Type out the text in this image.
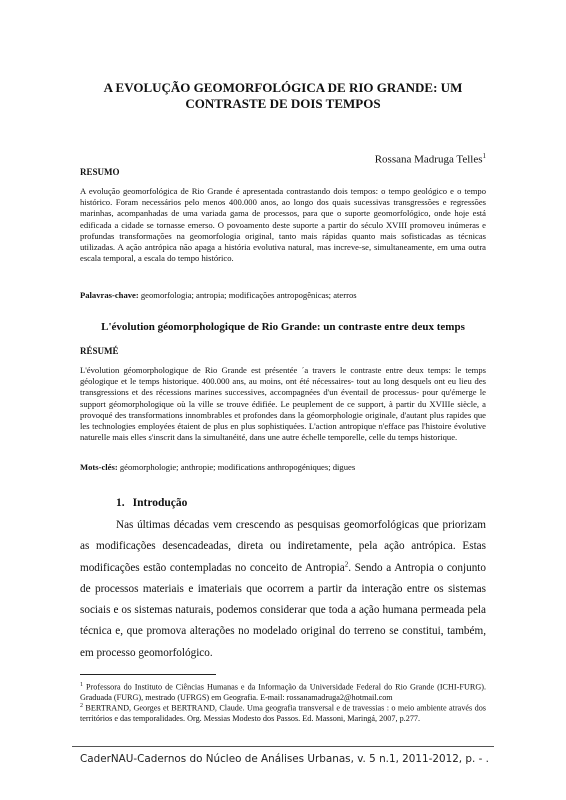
A EVOLUÇÃO GEOMORFOLÓGICA DE RIO GRANDE: UM
CONTRASTE DE DOIS TEMPOS
Rossana Madruga Telles$^1$
RESUMO

A evolução geomorfológica de Rio Grande é apresentada contrastando dois tempos: o tempo geológico e o tempo histórico. Foram necessários pelo menos 400.000 anos, ao longo dos quais sucessivas transgressões e regressões marinhas, acompanhadas de uma variada gama de processos, para que o suporte geomorfológico, onde hoje está edificada a cidade se tornasse emerso. O povoamento deste suporte a partir do século XVIII promoveu inúmeras e profundas transformações na geomorfologia original, tanto mais rápidas quanto mais sofisticadas as técnicas utilizadas. A ação antrópica não apaga a história evolutiva natural, mas increve-se, simultaneamente, em uma outra escala temporal, a escala do tempo histórico.

Palavras-chave: geomorfologia; antropia; modificações antropogênicas; aterros
L'évolution géomorphologique de Rio Grande: un contraste entre deux temps
RÉSUMÉ

L'évolution géomorphologique de Rio Grande est présentée ´a travers le contraste entre deux temps: le temps géologique et le temps historique. 400.000 ans, au moins, ont été nécessaires- tout au long desquels ont eu lieu des transgressions et des récessions marines successives, accompagnées d'un éventail de processus- pour qu'émerge le support géomorphologique où la ville se trouve édifiée. Le peuplement de ce support, à partir du XVIIIe siècle, a provoqué des transformations innombrables et profondes dans la géomorphologie originale, d'autant plus rapides que les technologies employées étaient de plus en plus sophistiquées. L'action antropique n'efface pas l'histoire évolutive naturelle mais elles s'inscrit dans la simultanéité, dans une autre échelle temporelle, celle du temps historique.

Mots-clés: géomorphologie; anthropie; modifications anthropogéniques; digues
1. Introdução

Nas últimas décadas vem crescendo as pesquisas geomorfológicas que priorizam as modificações desencadeadas, direta ou indiretamente, pela ação antrópica. Estas modificações estão contempladas no conceito de Antropia$^2$. Sendo a Antropia o conjunto de processos materiais e imateriais que ocorrem a partir da interação entre os sistemas sociais e os sistemas naturais, podemos considerar que toda a ação humana permeada pela técnica e, que promova alterações no modelado original do terreno se constitui, também, em processo geomorfológico.

$^1$ Professora do Instituto de Ciências Humanas e da Informação da Universidade Federal do Rio Grande (ICHI-FURG). Graduada (FURG), mestrado (UFRGS) em Geografia. E-mail: rossanamadruga2@hotmail.com

$^2$ BERTRAND, Georges et BERTRAND, Claude. Uma geografia transversal e de travessias : o meio ambiente através dos territórios e das temporalidades. Org. Messias Modesto dos Passos. Ed. Massoni, Maringá, 2007, p.277.

CaderNAU-Cadernos do Núcleo de Análises Urbanas, v. 5 n.1, 2011-2012, p. - .
